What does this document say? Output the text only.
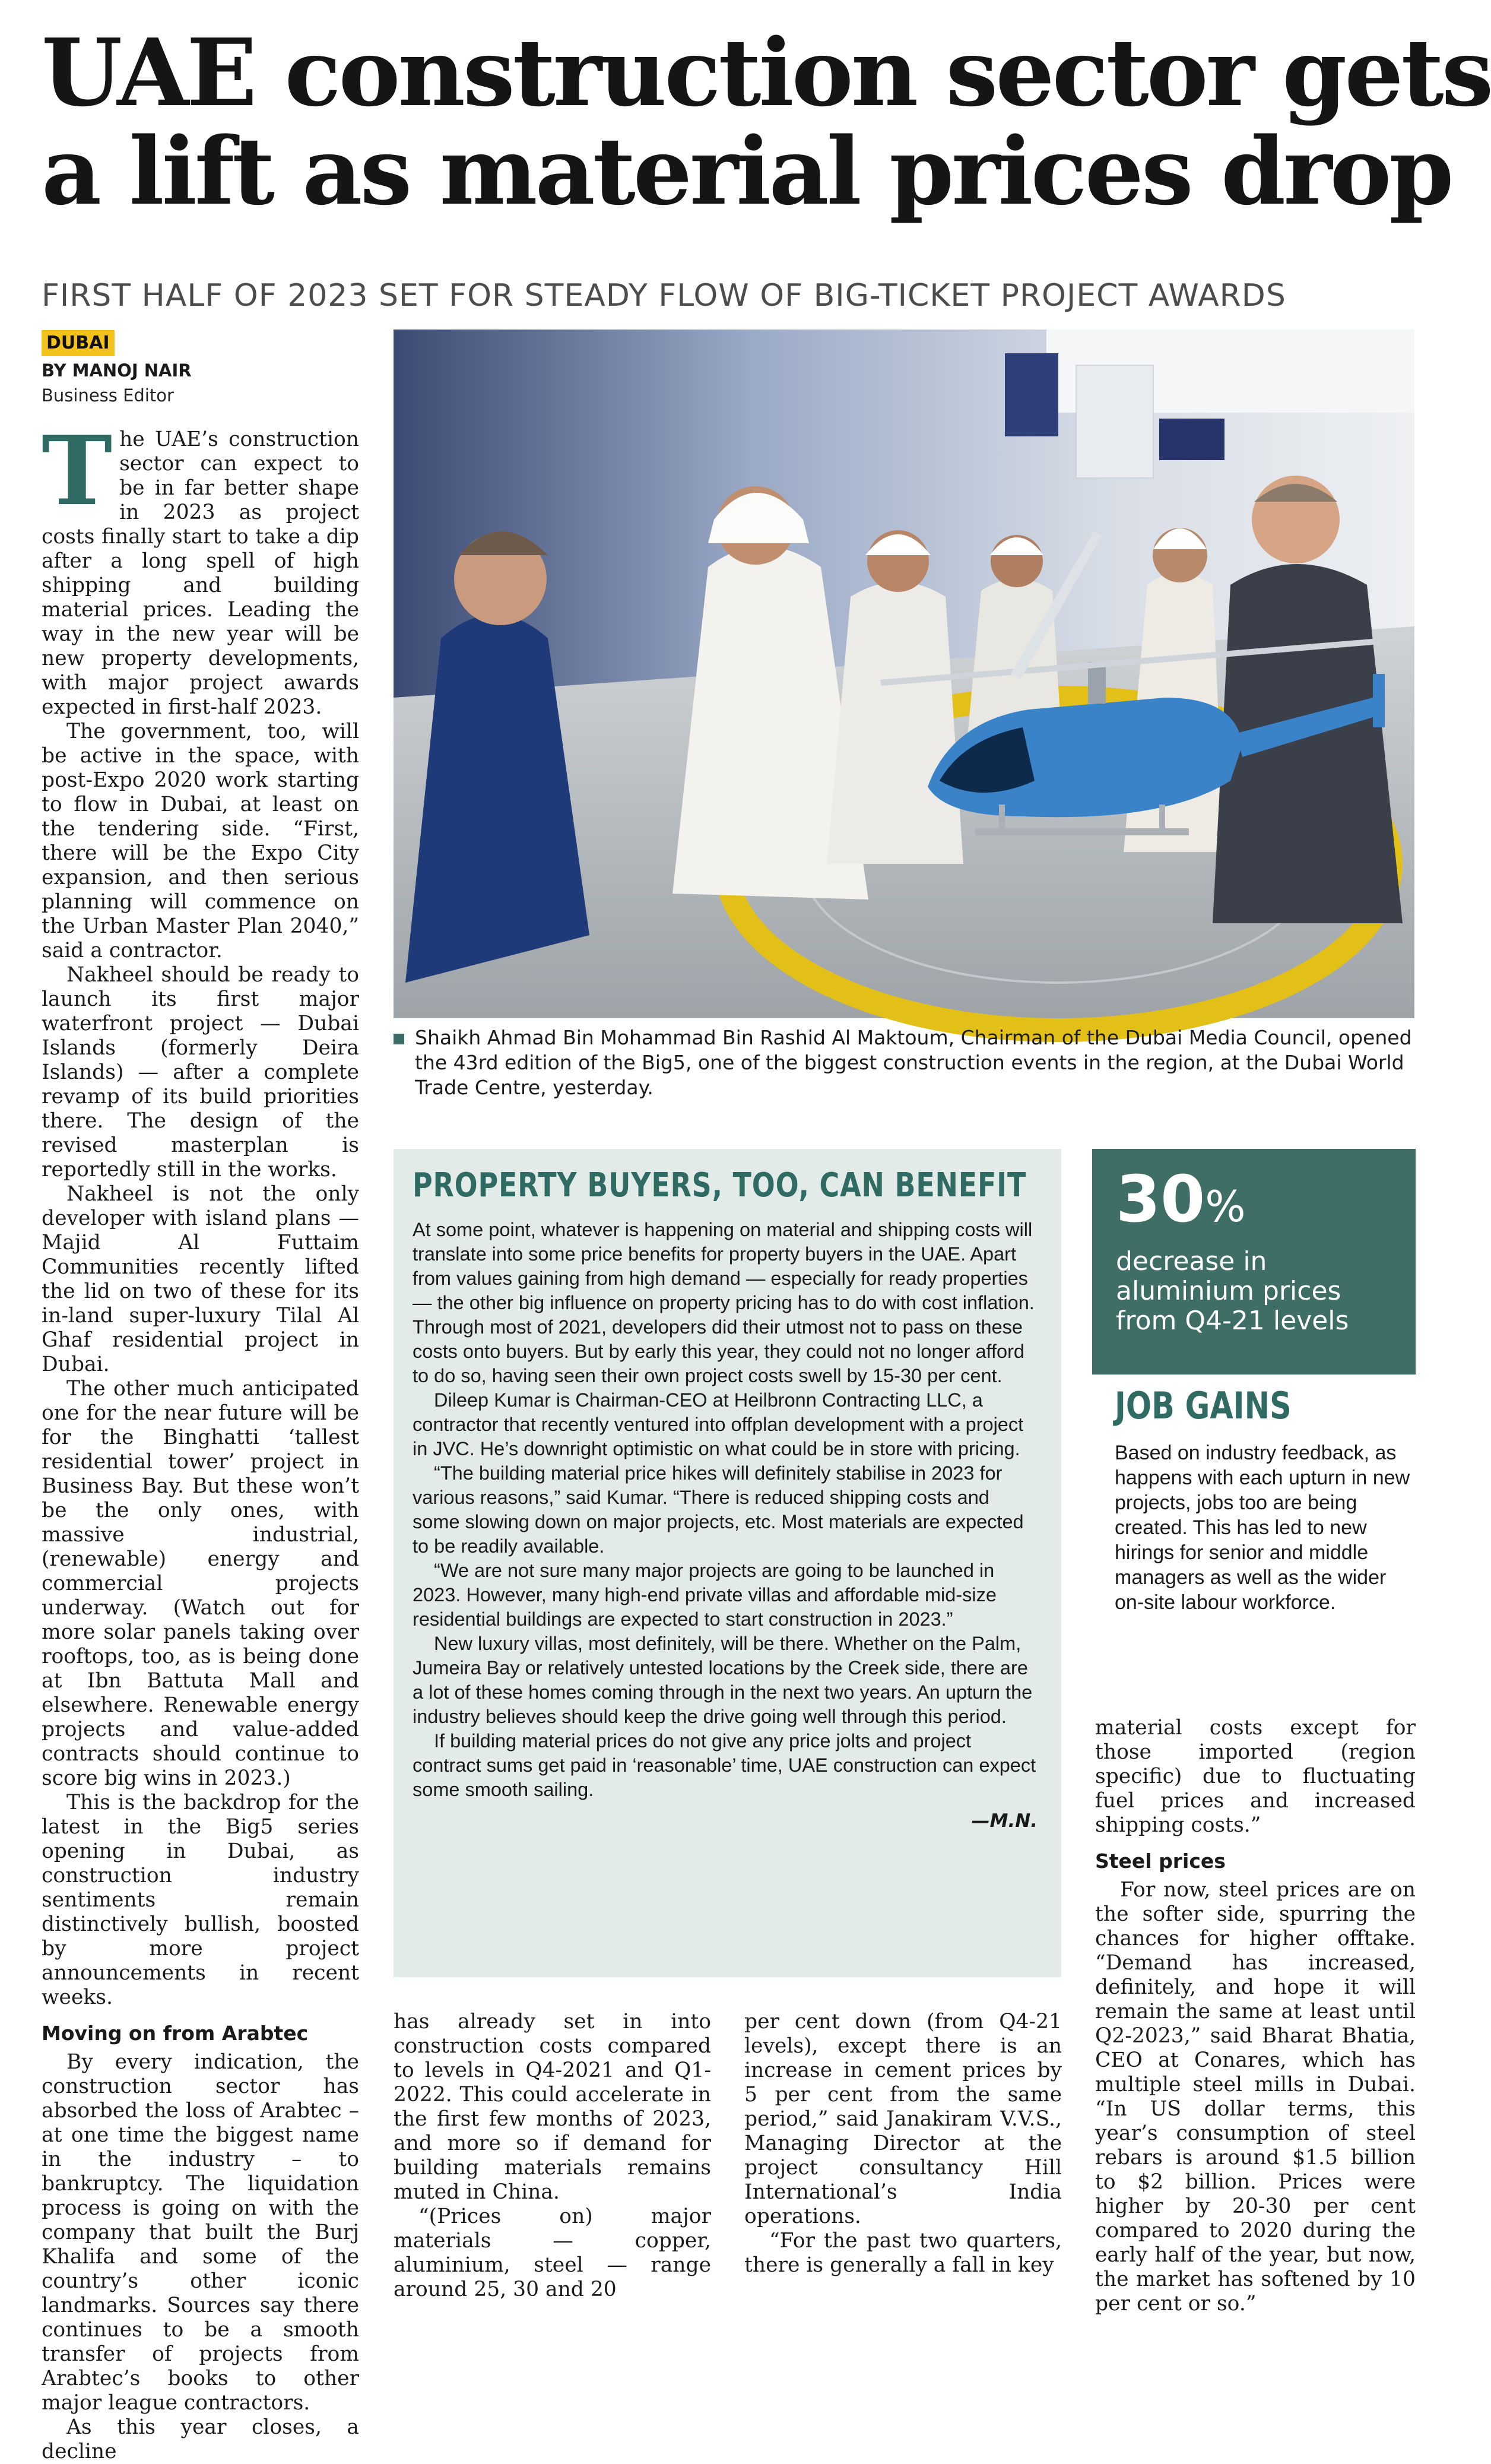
UAE construction sector gets
a lift as material prices drop
FIRST HALF OF 2023 SET FOR STEADY FLOW OF BIG-TICKET PROJECT AWARDS
DUBAI
BY MANOJ NAIR
Business Editor

The UAE’s construction sector can expect to be in far better shape in 2023 as project costs finally start to take a dip after a long spell of high shipping and building material prices. Leading the way in the new year will be new property developments, with major project awards expected in first-half 2023.

The government, too, will be active in the space, with post-Expo 2020 work starting to flow in Dubai, at least on the tendering side. “First, there will be the Expo City expansion, and then serious planning will commence on the Urban Master Plan 2040,” said a contractor.

Nakheel should be ready to launch its first major waterfront project — Dubai Islands (formerly Deira Islands) — after a complete revamp of its build priorities there. The design of the revised masterplan is reportedly still in the works.

Nakheel is not the only developer with island plans — Majid Al Futtaim Communities recently lifted the lid on two of these for its in-land super-luxury Tilal Al Ghaf residential project in Dubai.

The other much anticipated one for the near future will be for the Binghatti ‘tallest residential tower’ project in Business Bay. But these won’t be the only ones, with massive industrial, (renewable) energy and commercial projects underway. (Watch out for more solar panels taking over rooftops, too, as is being done at Ibn Battuta Mall and elsewhere. Renewable energy projects and value-added contracts should continue to score big wins in 2023.)

This is the backdrop for the latest in the Big5 series opening in Dubai, as construction industry sentiments remain distinctively bullish, boosted by more project announcements in recent weeks.

Moving on from Arabtec

By every indication, the construction sector has absorbed the loss of Arabtec – at one time the biggest name in the industry – to bankruptcy. The liquidation process is going on with the company that built the Burj Khalifa and some of the country’s other iconic landmarks. Sources say there continues to be a smooth transfer of projects from Arabtec’s books to other major league contractors.

As this year closes, a decline

Shaikh Ahmad Bin Mohammad Bin Rashid Al Maktoum, Chairman of the Dubai Media Council, opened the 43rd edition of the Big5, one of the biggest construction events in the region, at the Dubai World Trade Centre, yesterday.
PROPERTY BUYERS, TOO, CAN BENEFIT

At some point, whatever is happening on material and shipping costs will translate into some price benefits for property buyers in the UAE. Apart from values gaining from high demand — especially for ready properties — the other big influence on property pricing has to do with cost inflation. Through most of 2021, developers did their utmost not to pass on these costs onto buyers. But by early this year, they could not no longer afford to do so, having seen their own project costs swell by 15-30 per cent.

Dileep Kumar is Chairman-CEO at Heilbronn Contracting LLC, a contractor that recently ventured into offplan development with a project in JVC. He’s downright optimistic on what could be in store with pricing.

“The building material price hikes will definitely stabilise in 2023 for various reasons,” said Kumar. “There is reduced shipping costs and some slowing down on major projects, etc. Most materials are expected to be readily available.

“We are not sure many major projects are going to be launched in 2023. However, many high-end private villas and affordable mid-size residential buildings are expected to start construction in 2023.”

New luxury villas, most definitely, will be there. Whether on the Palm, Jumeira Bay or relatively untested locations by the Creek side, there are a lot of these homes coming through in the next two years. An upturn the industry believes should keep the drive going well through this period.

If building material prices do not give any price jolts and project contract sums get paid in ‘reasonable’ time, UAE construction can expect some smooth sailing.

—M.N.
30%
decrease in aluminium prices from Q4-21 levels
JOB GAINS
Based on industry feedback, as happens with each upturn in new projects, jobs too are being created. This has led to new hirings for senior and middle managers as well as the wider on-site labour workforce.

has already set in into construction costs compared to levels in Q4-2021 and Q1-2022. This could accelerate in the first few months of 2023, and more so if demand for building materials remains muted in China.

“(Prices on) major materials — copper, aluminium, steel — range around 25, 30 and 20

per cent down (from Q4-21 levels), except there is an increase in cement prices by 5 per cent from the same period,” said Janakiram V.V.S., Managing Director at the project consultancy Hill International’s India operations.

“For the past two quarters, there is generally a fall in key

material costs except for those imported (region specific) due to fluctuating fuel prices and increased shipping costs.”

Steel prices

For now, steel prices are on the softer side, spurring the chances for higher offtake. “Demand has increased, definitely, and hope it will remain the same at least until Q2-2023,” said Bharat Bhatia, CEO at Conares, which has multiple steel mills in Dubai. “In US dollar terms, this year’s consumption of steel rebars is around $1.5 billion to $2 billion. Prices were higher by 20-30 per cent compared to 2020 during the early half of the year, but now, the market has softened by 10 per cent or so.”
